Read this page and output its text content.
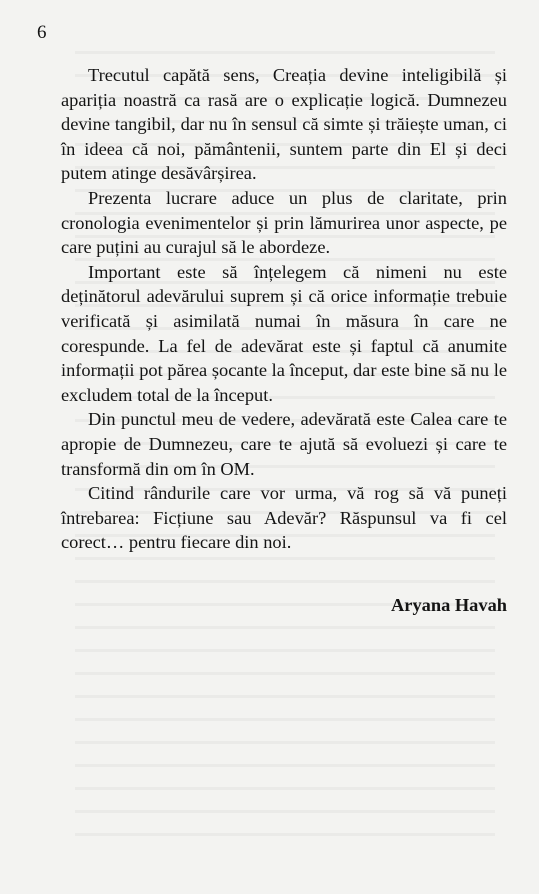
6

Trecutul capătă sens, Creația devine inteligibilă și apariția noastră ca rasă are o explicație logică. Dumnezeu devine tangibil, dar nu în sensul că simte și trăiește uman, ci în ideea că noi, pământenii, suntem parte din El și deci putem atinge desăvârșirea.

Prezenta lucrare aduce un plus de claritate, prin cronologia evenimentelor și prin lămurirea unor aspecte, pe care puțini au curajul să le abordeze.

Important este să înțelegem că nimeni nu este deținătorul adevărului suprem și că orice informație trebuie verificată și asimilată numai în măsura în care ne corespunde. La fel de adevărat este și faptul că anumite informații pot părea șocante la început, dar este bine să nu le excludem total de la început.

Din punctul meu de vedere, adevărată este Calea care te apropie de Dumnezeu, care te ajută să evoluezi și care te transformă din om în OM.

Citind rândurile care vor urma, vă rog să vă puneți întrebarea: Ficțiune sau Adevăr? Răspunsul va fi cel corect… pentru fiecare din noi.

Aryana Havah
